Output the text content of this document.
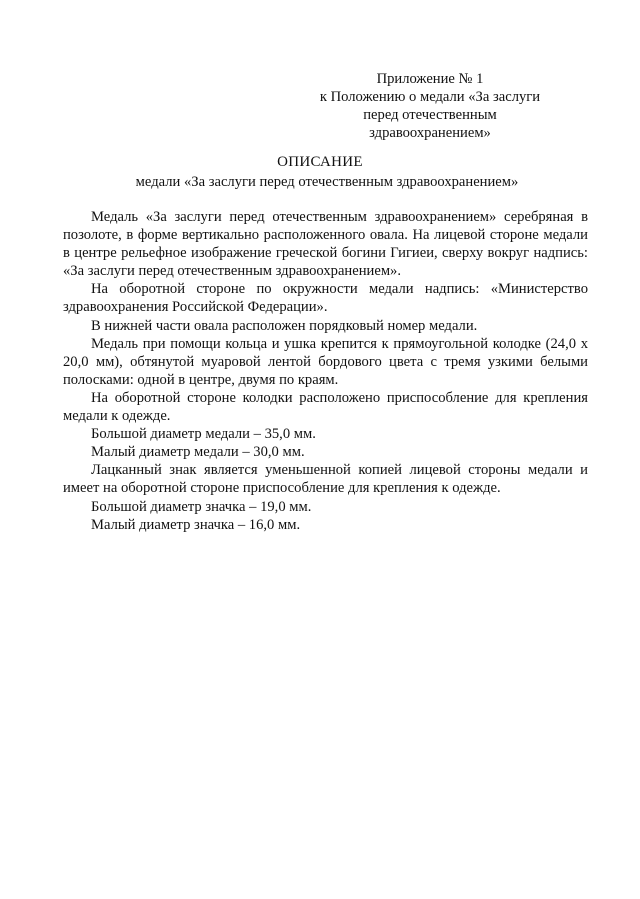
Приложение № 1
к Положению о медали «За заслуги
перед отечественным
здравоохранением»
ОПИСАНИЕ
медали «За заслуги перед отечественным здравоохранением»

Медаль «За заслуги перед отечественным здравоохранением» серебряная в позолоте, в форме вертикально расположенного овала. На лицевой стороне медали в центре рельефное изображение греческой богини Гигиеи, сверху вокруг надпись: «За заслуги перед отечественным здравоохранением».

На оборотной стороне по окружности медали надпись: «Министерство здравоохранения Российской Федерации».

В нижней части овала расположен порядковый номер медали.

Медаль при помощи кольца и ушка крепится к прямоугольной колодке (24,0 х 20,0 мм), обтянутой муаровой лентой бордового цвета с тремя узкими белыми полосками: одной в центре, двумя по краям.

На оборотной стороне колодки расположено приспособление для крепления медали к одежде.

Большой диаметр медали – 35,0 мм.

Малый диаметр медали – 30,0 мм.

Лацканный знак является уменьшенной копией лицевой стороны медали и имеет на оборотной стороне приспособление для крепления к одежде.

Большой диаметр значка – 19,0 мм.

Малый диаметр значка – 16,0 мм.
